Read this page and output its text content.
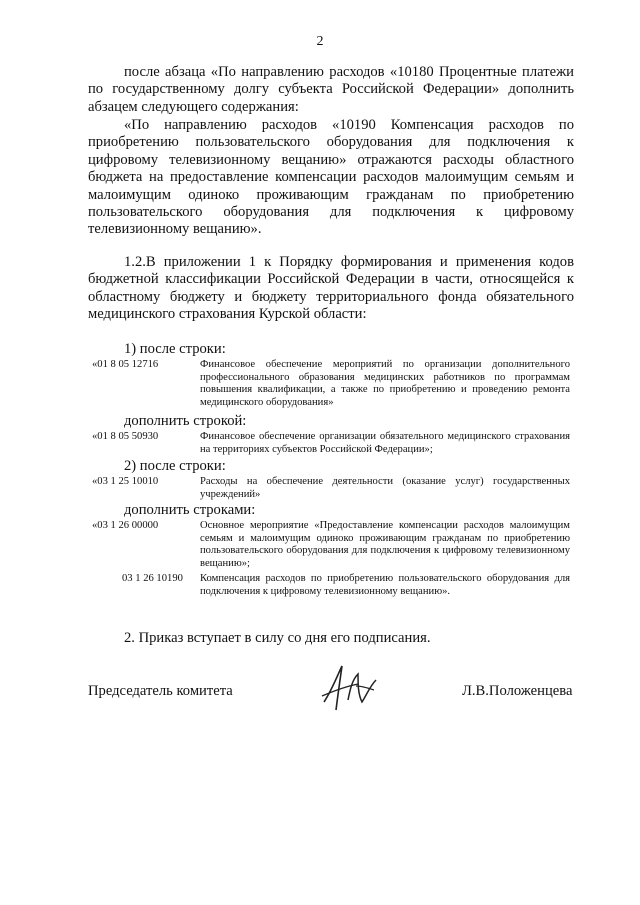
2
после абзаца «По направлению расходов «10180 Процентные платежи по государственному долгу субъекта Российской Федерации» дополнить абзацем следующего содержания:
«По направлению расходов «10190 Компенсация расходов по приобретению пользовательского оборудования для подключения к цифровому телевизионному вещанию» отражаются расходы областного бюджета на предоставление компенсации расходов малоимущим семьям и малоимущим одиноко проживающим гражданам по приобретению пользовательского оборудования для подключения к цифровому телевизионному вещанию».
1.2.В приложении 1 к Порядку формирования и применения кодов бюджетной классификации Российской Федерации в части, относящейся к областному бюджету и бюджету территориального фонда обязательного медицинского страхования Курской области:
1) после строки:
«01 8 05 12716	Финансовое обеспечение мероприятий по организации дополнительного профессионального образования медицинских работников по программам повышения квалификации, а также по приобретению и проведению ремонта медицинского оборудования»
дополнить строкой:
«01 8 05 50930	Финансовое обеспечение организации обязательного медицинского страхования на территориях субъектов Российской Федерации»;
2) после строки:
«03 1 25 10010	Расходы на обеспечение деятельности (оказание услуг) государственных учреждений»
дополнить строками:
«03 1 26 00000	Основное мероприятие «Предоставление компенсации расходов малоимущим семьям и малоимущим одиноко проживающим гражданам по приобретению пользовательского оборудования для подключения к цифровому телевизионному вещанию»;
03 1 26 10190	Компенсация расходов по приобретению пользовательского оборудования для подключения к цифровому телевизионному вещанию».
2. Приказ вступает в силу со дня его подписания.
Председатель комитета	Л.В.Положенцева
